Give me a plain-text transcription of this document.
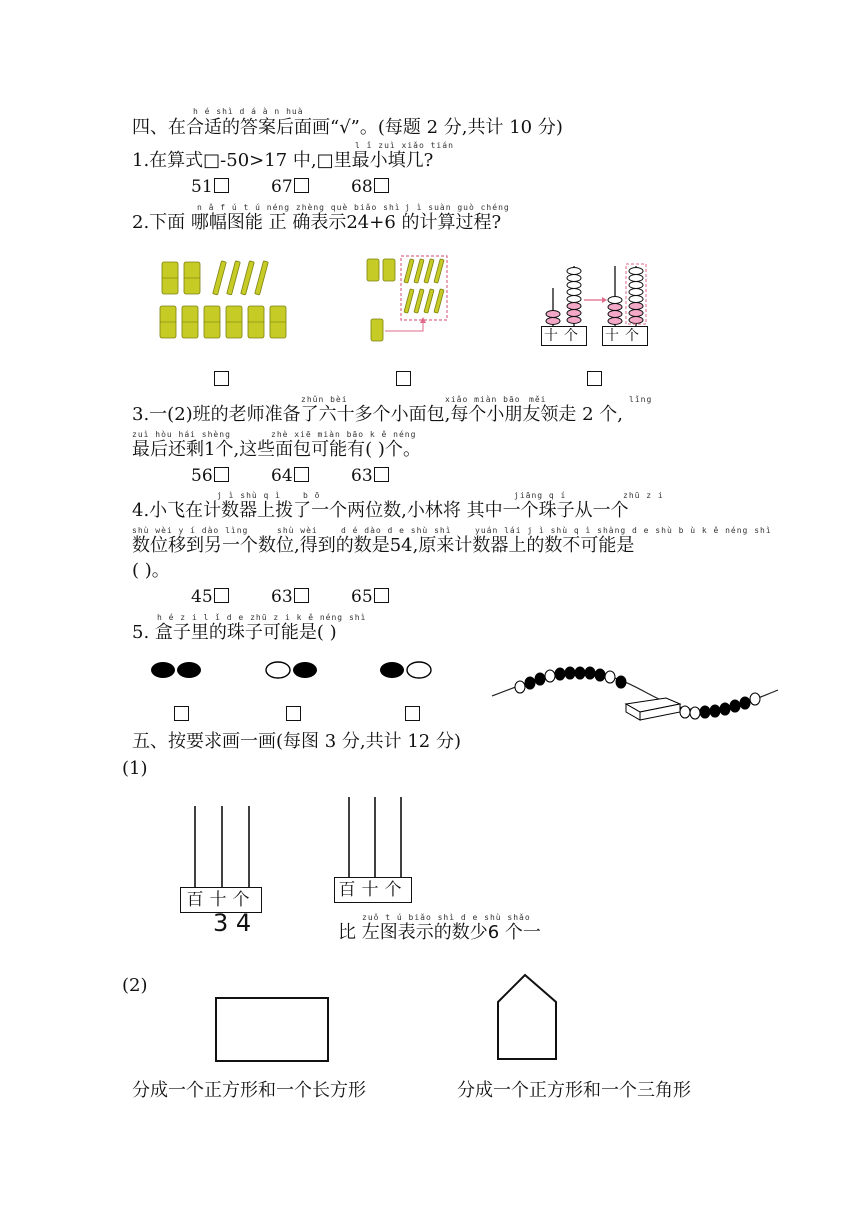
h é shì d á à n huà
四、在合适的答案后面画“√”。(每题 2 分,共计 10 分)
l ǐ zuì xiǎo tián
1.在算式□-50>17 中,□里最小填几?
51	67	68
n ǎ f ú t ú néng zhèng què biǎo shì j ì suàn guò chéng
2.下面 哪幅图能 正 确表示24+6 的计算过程?
十个 十个
zhǔn bèi	xiǎo miàn bāo měi	lǐng
3.一(2)班的老师准备了六十多个小面包,每个小朋友领走 2 个,
zuì hòu hái shèng	zhè xiē miàn bāo k ě néng
最后还剩1个,这些面包可能有( )个。
56	64	63
j ì shù q ì	b ō	jiāng q í	zhū z i
4.小飞在计数器上拨了一个两位数,小林将 其中一个珠子从一个
shù wèi y í dào lìng	shù wèi	d é dào d e shù shì	yuán lái j ì shù q ì shàng d e shù b ù k ě néng shì
数位移到另一个数位,得到的数是54,原来计数器上的数不可能是
( )。
45	63	65
h é z i l ǐ d e zhū z i k ě néng shì
5. 盒子里的珠子可能是( )
五、按要求画一画(每图 3 分,共计 12 分)
(1)
百十个
3 4
百十个
zuǒ t ú biǎo shì d e shù shǎo
比 左图表示的数少6 个一
(2)
分成一个正方形和一个长方形	分成一个正方形和一个三角形
